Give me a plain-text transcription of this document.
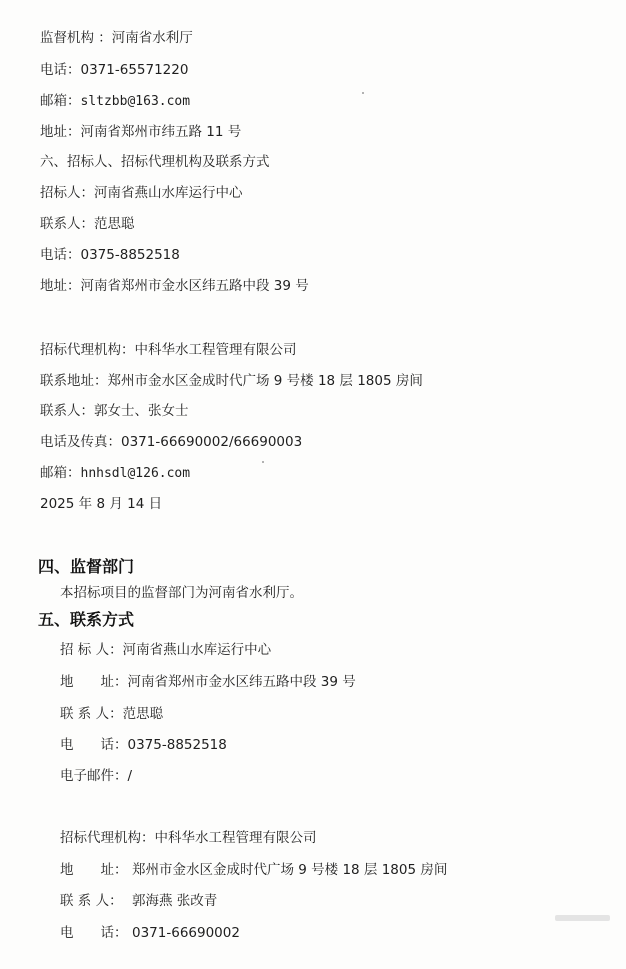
监督机构 ：河南省水利厅
电话：0371-65571220
邮箱：sltzbb@163.com
地址：河南省郑州市纬五路 11 号
六、招标人、招标代理机构及联系方式
招标人：河南省燕山水库运行中心
联系人：范思聪
电话：0375-8852518
地址：河南省郑州市金水区纬五路中段 39 号
招标代理机构：中科华水工程管理有限公司
联系地址：郑州市金水区金成时代广场 9 号楼 18 层 1805 房间
联系人：郭女士、张女士
电话及传真：0371-66690002/66690003
邮箱：hnhsdl@126.com
2025 年 8 月 14 日
四、监督部门
本招标项目的监督部门为河南省水利厅。
五、联系方式
招 标 人：河南省燕山水库运行中心
地　　址：河南省郑州市金水区纬五路中段 39 号
联 系 人：范思聪
电　　话：0375-8852518
电子邮件：/
招标代理机构：中科华水工程管理有限公司
地　　址： 郑州市金水区金成时代广场 9 号楼 18 层 1805 房间
联 系 人： 郭海燕 张改青
电　　话： 0371-66690002
